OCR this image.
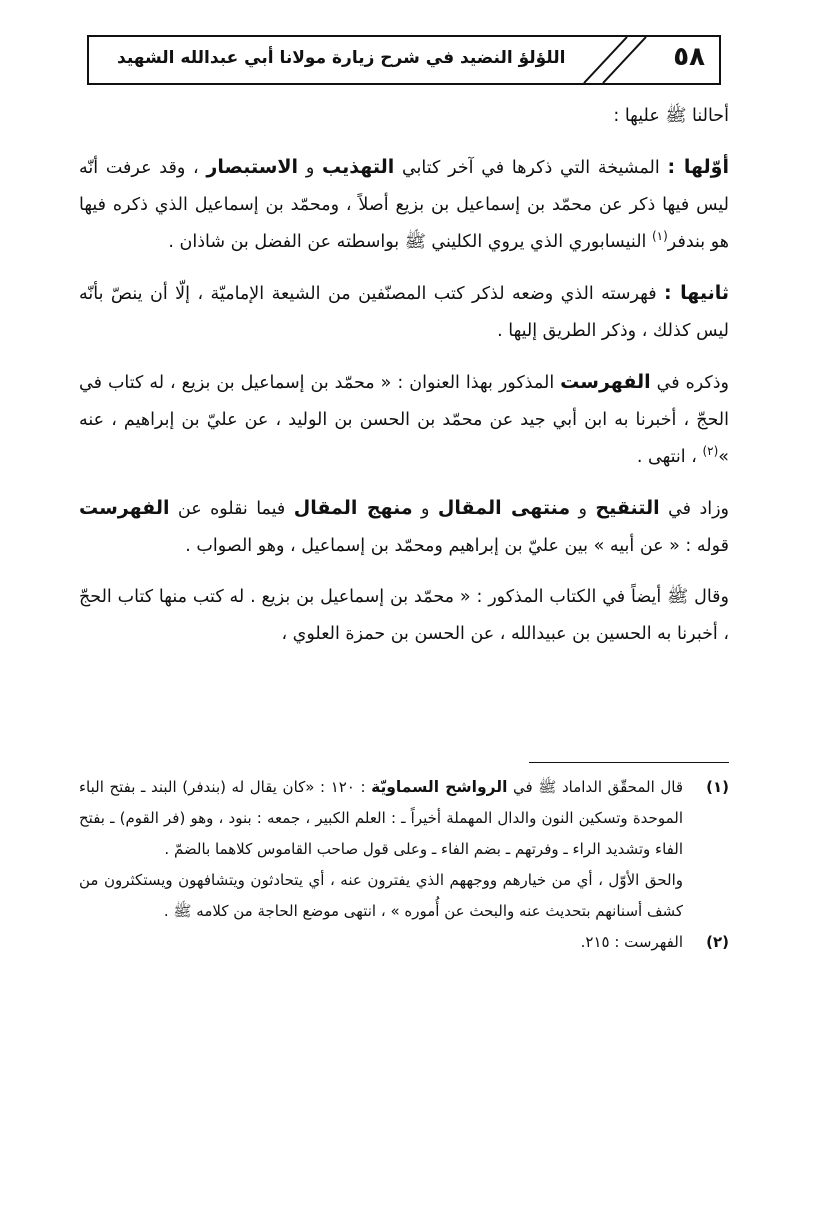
٥٨
اللؤلؤ النضيد في شرح زيارة مولانا أبي عبدالله الشهيد

أحالنا ﷺ عليها :

أوّلها : المشيخة التي ذكرها في آخر كتابي التهذيب و الاستبصار ، وقد عرفت أنّه ليس فيها ذكر عن محمّد بن إسماعيل بن بزيع أصلاً ، ومحمّد بن إسماعيل الذي ذكره فيها هو بندفر$^{(١)}$ النيسابوري الذي يروي الكليني ﷺ بواسطته عن الفضل بن شاذان .

ثانيها : فهرسته الذي وضعه لذكر كتب المصنّفين من الشيعة الإماميّة ، إلّا أن ينصّ بأنّه ليس كذلك ، وذكر الطريق إليها .

وذكره في الفهرست المذكور بهذا العنوان : « محمّد بن إسماعيل بن بزيع ، له كتاب في الحجّ ، أخبرنا به ابن أبي جيد عن محمّد بن الحسن بن الوليد ، عن عليّ بن إبراهيم ، عنه »$^{(٢)}$ ، انتهى .

وزاد في التنقيح و منتهى المقال و منهج المقال فيما نقلوه عن الفهرست قوله : « عن أبيه » بين عليّ بن إبراهيم ومحمّد بن إسماعيل ، وهو الصواب .

وقال ﷺ أيضاً في الكتاب المذكور : « محمّد بن إسماعيل بن بزيع . له كتب منها كتاب الحجّ ، أخبرنا به الحسين بن عبيدالله ، عن الحسن بن حمزة العلوي ،

(١)
قال المحقّق الداماد ﷺ في الرواشح السماويّة : ١٢٠ : «كان يقال له (بندفر) البند ـ بفتح الباء الموحدة وتسكين النون والدال المهملة أخيراً ـ : العلم الكبير ، جمعه : بنود ، وهو (فر القوم) ـ بفتح الفاء وتشديد الراء ـ وفرتهم ـ بضم الفاء ـ وعلى قول صاحب القاموس كلاهما بالضمّ .
والحق الأوّل ، أي من خيارهم ووجههم الذي يفترون عنه ، أي يتحادثون ويتشافهون ويستكثرون من كشف أسنانهم بتحديث عنه والبحث عن أُموره » ، انتهى موضع الحاجة من كلامه ﷺ .
(٢)
الفهرست : ٢١٥.
